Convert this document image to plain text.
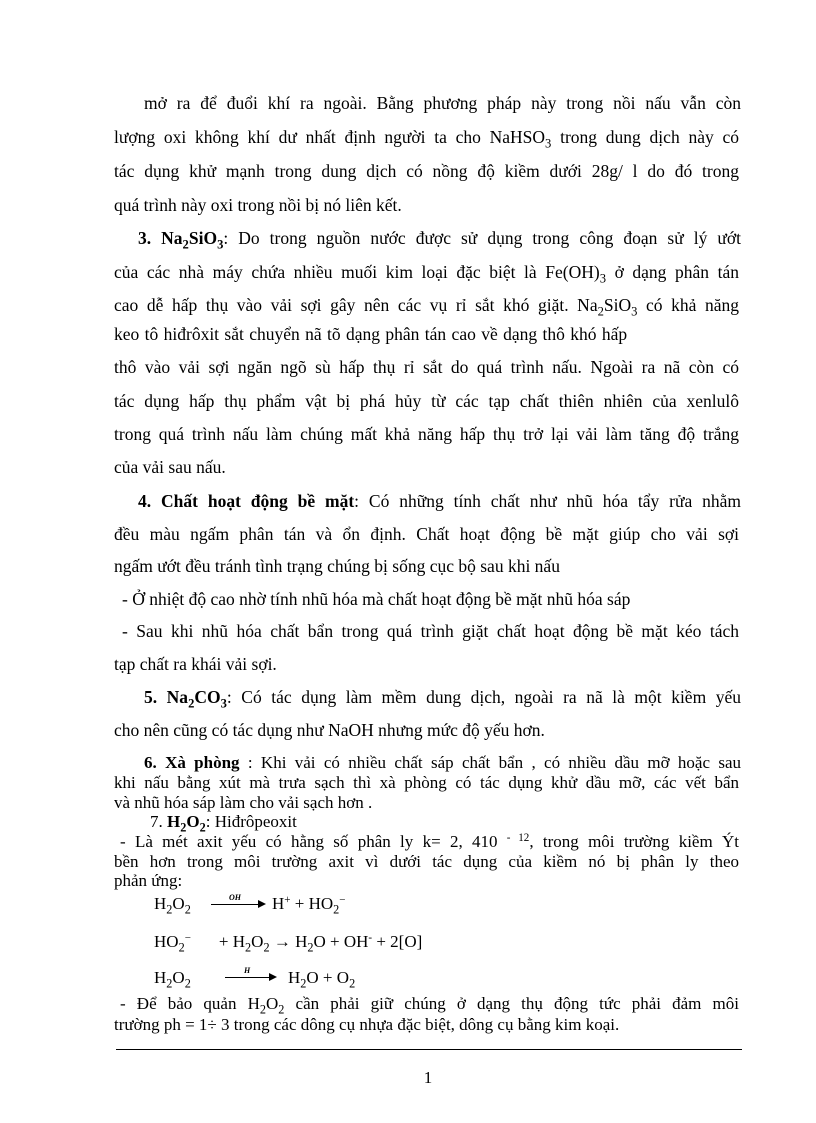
mở ra để đuổi khí ra ngoài. Bằng phương pháp này trong nồi nấu vẫn còn
lượng oxi không khí dư nhất định người ta cho NaHSO$_3$ trong dung dịch này có
tác dụng khử mạnh trong dung dịch có nồng độ kiềm dưới 28g/ l do đó trong
quá trình này oxi trong nồi bị nó liên kết.
3. $Na_2SiO_3$: Do trong nguồn nước được sử dụng trong công đoạn sử lý ướt
của các nhà máy chứa nhiều muối kim loại đặc biệt là $Fe(OH)_3$ ở dạng phân tán
cao dễ hấp thụ vào vải sợi gây nên các vụ rỉ sắt khó giặt. $Na_2SiO_3$ có khả năng
keo tô hiđrôxit sắt chuyển nã tõ dạng phân tán cao về dạng thô khó hấp
thô vào vải sợi ngăn ngõ sù hấp thụ rỉ sắt do quá trình nấu. Ngoài ra nã còn có
tác dụng hấp thụ phẩm vật bị phá hủy từ các tạp chất thiên nhiên của xenlulô
trong quá trình nấu làm chúng mất khả năng hấp thụ trở lại vải làm tăng độ trắng
của vải sau nấu.
4. Chất hoạt động bề mặt: Có những tính chất như nhũ hóa tẩy rửa nhằm
đều màu ngấm phân tán và ổn định. Chất hoạt động bề mặt giúp cho vải sợi
ngấm ướt đều tránh tình trạng chúng bị sống cục bộ sau khi nấu
- Ở nhiệt độ cao nhờ tính nhũ hóa mà chất hoạt động bề mặt nhũ hóa sáp
- Sau khi nhũ hóa chất bẩn trong quá trình giặt chất hoạt động bề mặt kéo tách
tạp chất ra khái vải sợi.
5. $Na_2CO_3$: Có tác dụng làm mềm dung dịch, ngoài ra nã là một kiềm yếu
cho nên cũng có tác dụng như NaOH nhưng mức độ yếu hơn.
6. Xà phòng : Khi vải có nhiều chất sáp chất bẩn , có nhiều dầu mỡ hoặc sau
khi nấu bằng xút mà trưa sạch thì xà phòng có tác dụng khử dầu mỡ, các vết bẩn
và nhũ hóa sáp làm cho vải sạch hơn .
7. $H_2O_2$: Hiđrôpeoxit
- Là mét axit yếu có hằng số phân ly k= 2, 410 $^{- 12}$, trong môi trường kiềm Ýt
bền hơn trong môi trường axit vì dưới tác dụng của kiềm nó bị phân ly theo
phản ứng:
$H_2O_2$
OH → $H^+ + HO_2^-$
$HO_2^- + H_2O_2 \to H_2O + OH^- + 2[O]$
$H_2O_2$
$H \to H_2O + O_2$
- Để bảo quản $H_2O_2$ cần phải giữ chúng ở dạng thụ động tức phải đảm môi
trường ph = 1÷ 3 trong các dông cụ nhựa đặc biệt, dông cụ bằng kim koại.
1
